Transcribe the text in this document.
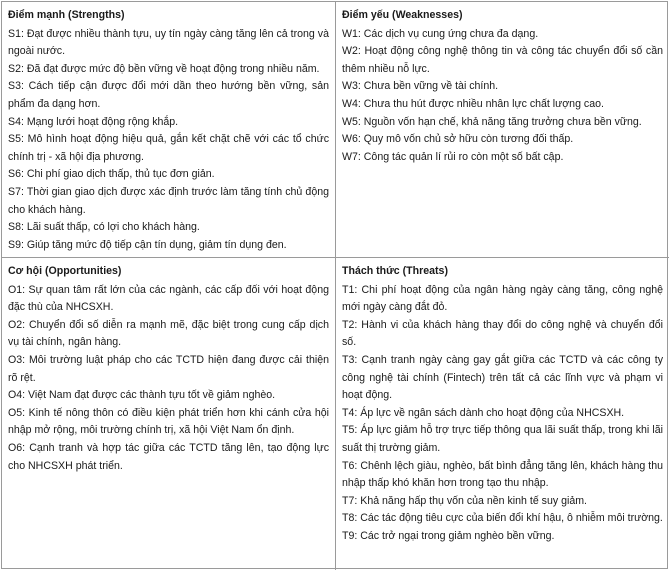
Điểm mạnh (Strengths)
S1: Đạt được nhiều thành tựu, uy tín ngày càng tăng lên cả trong và ngoài nước.
S2: Đã đạt được mức độ bền vững về hoạt động trong nhiều năm.
S3: Cách tiếp cận được đổi mới dần theo hướng bền vững, sản phẩm đa dạng hơn.
S4: Mạng lưới hoạt động rộng khắp.
S5: Mô hình hoạt động hiệu quả, gắn kết chặt chẽ với các tổ chức chính trị - xã hội địa phương.
S6: Chi phí giao dịch thấp, thủ tục đơn giản.
S7: Thời gian giao dịch được xác định trước làm tăng tính chủ động cho khách hàng.
S8: Lãi suất thấp, có lợi cho khách hàng.
S9: Giúp tăng mức độ tiếp cận tín dụng, giảm tín dụng đen.
Điểm yếu (Weaknesses)
W1: Các dịch vụ cung ứng chưa đa dạng.
W2: Hoạt động công nghệ thông tin và công tác chuyển đổi số cần thêm nhiều nỗ lực.
W3: Chưa bền vững về tài chính.
W4: Chưa thu hút được nhiều nhân lực chất lượng cao.
W5: Nguồn vốn hạn chế, khả năng tăng trưởng chưa bền vững.
W6: Quy mô vốn chủ sở hữu còn tương đối thấp.
W7: Công tác quản lí rủi ro còn một số bất cập.
Cơ hội (Opportunities)
O1: Sự quan tâm rất lớn của các ngành, các cấp đối với hoạt động đặc thù của NHCSXH.
O2: Chuyển đổi số diễn ra mạnh mẽ, đặc biệt trong cung cấp dịch vụ tài chính, ngân hàng.
O3: Môi trường luật pháp cho các TCTD hiện đang được cải thiện rõ rệt.
O4: Việt Nam đạt được các thành tựu tốt về giảm nghèo.
O5: Kinh tế nông thôn có điều kiện phát triển hơn khi cánh cửa hội nhập mở rộng, môi trường chính trị, xã hội Việt Nam ổn định.
O6: Cạnh tranh và hợp tác giữa các TCTD tăng lên, tạo động lực cho NHCSXH phát triển.
Thách thức (Threats)
T1: Chi phí hoạt động của ngân hàng ngày càng tăng, công nghệ mới ngày càng đắt đỏ.
T2: Hành vi của khách hàng thay đổi do công nghệ và chuyển đổi số.
T3: Cạnh tranh ngày càng gay gắt giữa các TCTD và các công ty công nghệ tài chính (Fintech) trên tất cả các lĩnh vực và phạm vi hoạt động.
T4: Áp lực về ngân sách dành cho hoạt động của NHCSXH.
T5: Áp lực giảm hỗ trợ trực tiếp thông qua lãi suất thấp, trong khi lãi suất thị trường giảm.
T6: Chênh lệch giàu, nghèo, bất bình đẳng tăng lên, khách hàng thu nhập thấp khó khăn hơn trong tạo thu nhập.
T7: Khả năng hấp thụ vốn của nền kinh tế suy giảm.
T8: Các tác động tiêu cực của biến đổi khí hậu, ô nhiễm môi trường.
T9: Các trở ngại trong giảm nghèo bền vững.
